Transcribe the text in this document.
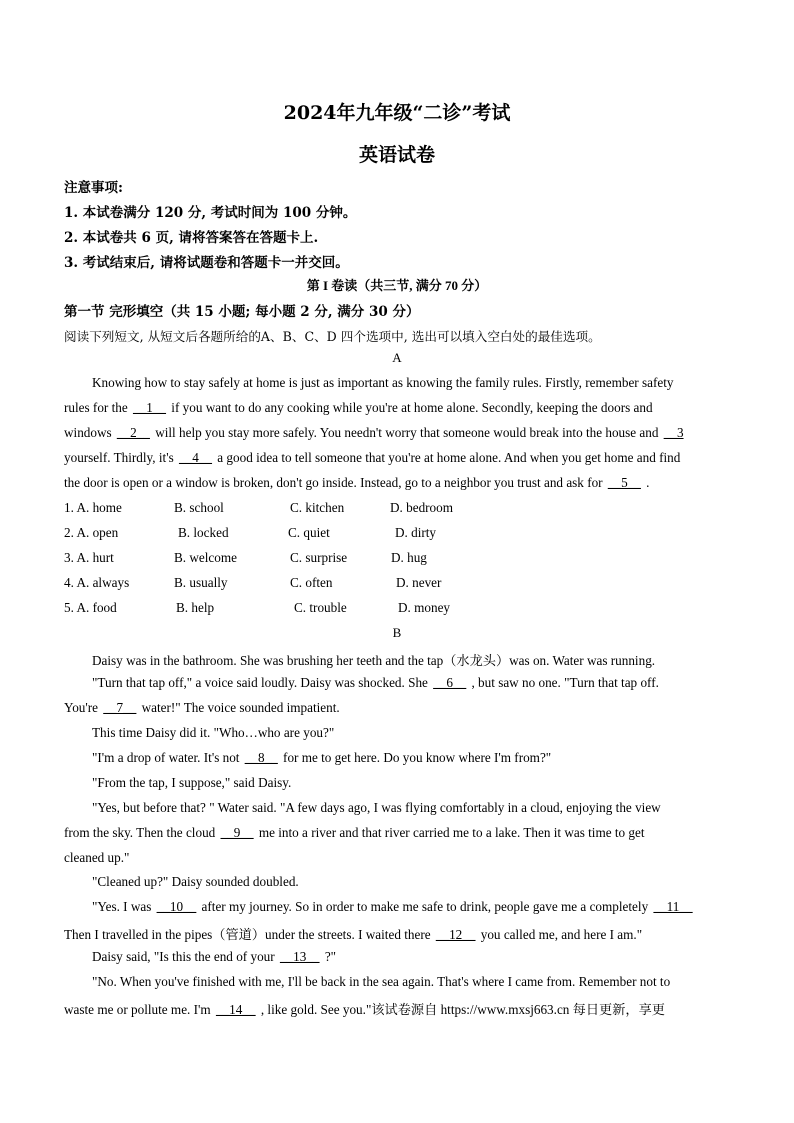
2024年九年级“二诊”考试
英语试卷
注意事项:
1. 本试卷满分 120 分, 考试时间为 100 分钟。
2. 本试卷共 6 页, 请将答案答在答题卡上.
3. 考试结束后, 请将试题卷和答题卡一并交回。
第 I 卷读（共三节, 满分 70 分）
第一节 完形填空（共 15 小题; 每小题 2 分, 满分 30 分）
阅读下列短文, 从短文后各题所给的A、B、C、D 四个选项中, 选出可以填入空白处的最佳选项。
A
Knowing how to stay safely at home is just as important as knowing the family rules. Firstly, remember safety
rules for the __1__ if you want to do any cooking while you're at home alone. Secondly, keeping the doors and
windows __2__ will help you stay more safely. You needn't worry that someone would break into the house and __3
yourself. Thirdly, it's __4__ a good idea to tell someone that you're at home alone. And when you get home and find
the door is open or a window is broken, don't go inside. Instead, go to a neighbor you trust and ask for __5__ .
1. A. home	B. school	C. kitchen	D. bedroom
2. A. open	B. locked	C. quiet	D. dirty
3. A. hurt	B. welcome	C. surprise	D. hug
4. A. always	B. usually	C. often	D. never
5. A. food	B. help	C. trouble	D. money
B
Daisy was in the bathroom. She was brushing her teeth and the tap（水龙头）was on. Water was running.
"Turn that tap off," a voice said loudly. Daisy was shocked. She __6__ , but saw no one. "Turn that tap off.
You're __7__ water!" The voice sounded impatient.
This time Daisy did it. "Who…who are you?"
"I'm a drop of water. It's not __8__ for me to get here. Do you know where I'm from?"
"From the tap, I suppose," said Daisy.
"Yes, but before that? " Water said. "A few days ago, I was flying comfortably in a cloud, enjoying the view
from the sky. Then the cloud __9__ me into a river and that river carried me to a lake. Then it was time to get
cleaned up."
"Cleaned up?" Daisy sounded doubled.
"Yes. I was __10__ after my journey. So in order to make me safe to drink, people gave me a completely __11__
Then I travelled in the pipes（管道）under the streets. I waited there __12__ you called me, and here I am."
Daisy said, "Is this the end of your __13__ ?"
"No. When you've finished with me, I'll be back in the sea again. That's where I came from. Remember not to
waste me or pollute me. I'm __14__ , like gold. See you."该试卷源自 https://www.mxsj663.cn 每日更新，享更
